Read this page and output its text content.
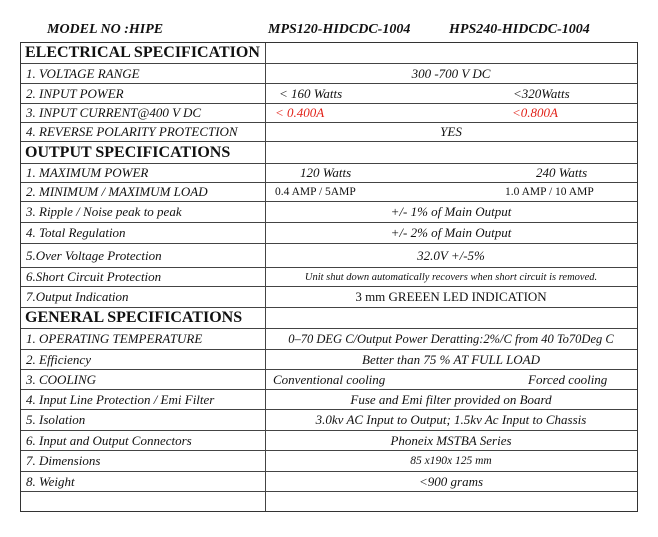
MODEL NO :HIPE	MPS120-HIDCDC-1004	HPS240-HIDCDC-1004
ELECTRICAL SPECIFICATION
1. VOLTAGE RANGE	300 -700 V DC
2. INPUT POWER	< 160 Watts	<320Watts
3. INPUT CURRENT@400 V DC	< 0.400A	<0.800A
4. REVERSE POLARITY PROTECTION	YES
OUTPUT SPECIFICATIONS
1. MAXIMUM POWER	120 Watts	240 Watts
2. MINIMUM / MAXIMUM LOAD	0.4 AMP / 5AMP	1.0 AMP / 10 AMP
3. Ripple / Noise peak to peak	+/- 1% of Main Output
4. Total Regulation	+/- 2% of Main Output
5.Over Voltage Protection	32.0V +/-5%
6.Short Circuit Protection	Unit shut down automatically recovers when short circuit is removed.
7.Output Indication	3 mm GREEEN LED INDICATION
GENERAL SPECIFICATIONS
1. OPERATING TEMPERATURE	0–70 DEG C/Output Power Deratting:2%/C from 40 To70Deg C
2. Efficiency	Better than 75 % AT FULL LOAD
3. COOLING	Conventional cooling	Forced cooling
4. Input Line Protection / Emi Filter	Fuse and Emi filter provided on Board
5. Isolation	3.0kv AC Input to Output; 1.5kv Ac Input to Chassis
6. Input and Output Connectors	Phoneix MSTBA Series
7. Dimensions	85 x190x 125 mm
8. Weight	<900 grams
